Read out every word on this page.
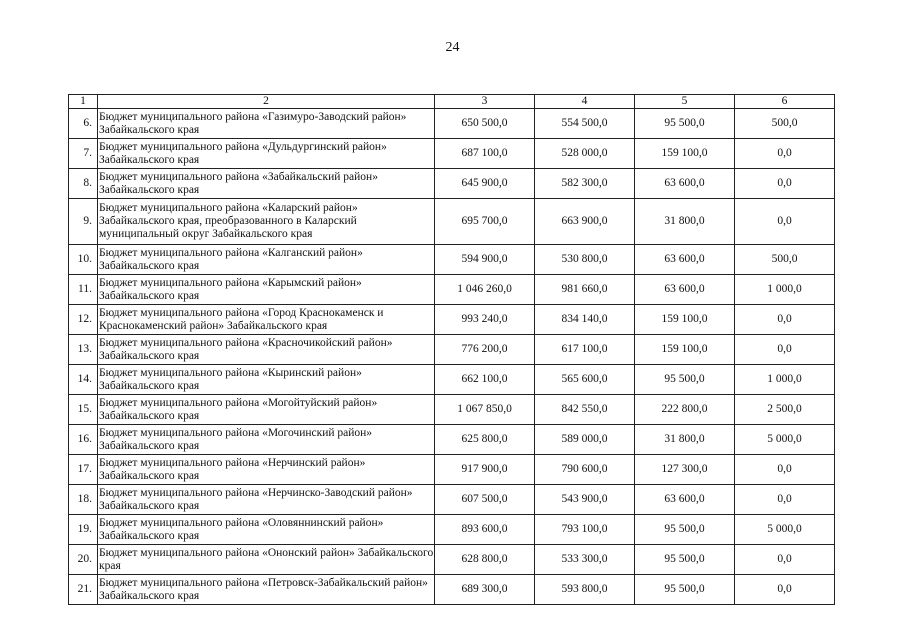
24
1	2	3	4	5	6
6.	Бюджет муниципального района «Газимуро-Заводский район» Забайкальского края	650 500,0	554 500,0	95 500,0	500,0
7.	Бюджет муниципального района «Дульдургинский район» Забайкальского края	687 100,0	528 000,0	159 100,0	0,0
8.	Бюджет муниципального района «Забайкальский район» Забайкальского края	645 900,0	582 300,0	63 600,0	0,0
9.	Бюджет муниципального района «Каларский район» Забайкальского края, преобразованного в Каларский муниципальный округ Забайкальского края	695 700,0	663 900,0	31 800,0	0,0
10.	Бюджет муниципального района «Калганский район» Забайкальского края	594 900,0	530 800,0	63 600,0	500,0
11.	Бюджет муниципального района «Карымский район» Забайкальского края	1 046 260,0	981 660,0	63 600,0	1 000,0
12.	Бюджет муниципального района «Город Краснокаменск и Краснокаменский район» Забайкальского края	993 240,0	834 140,0	159 100,0	0,0
13.	Бюджет муниципального района «Красночикойский район» Забайкальского края	776 200,0	617 100,0	159 100,0	0,0
14.	Бюджет муниципального района «Кыринский район» Забайкальского края	662 100,0	565 600,0	95 500,0	1 000,0
15.	Бюджет муниципального района «Могойтуйский район» Забайкальского края	1 067 850,0	842 550,0	222 800,0	2 500,0
16.	Бюджет муниципального района «Могочинский район» Забайкальского края	625 800,0	589 000,0	31 800,0	5 000,0
17.	Бюджет муниципального района «Нерчинский район» Забайкальского края	917 900,0	790 600,0	127 300,0	0,0
18.	Бюджет муниципального района «Нерчинско-Заводский район» Забайкальского края	607 500,0	543 900,0	63 600,0	0,0
19.	Бюджет муниципального района «Оловяннинский район» Забайкальского края	893 600,0	793 100,0	95 500,0	5 000,0
20.	Бюджет муниципального района «Ононский район» Забайкальского края	628 800,0	533 300,0	95 500,0	0,0
21.	Бюджет муниципального района «Петровск-Забайкальский район» Забайкальского края	689 300,0	593 800,0	95 500,0	0,0
